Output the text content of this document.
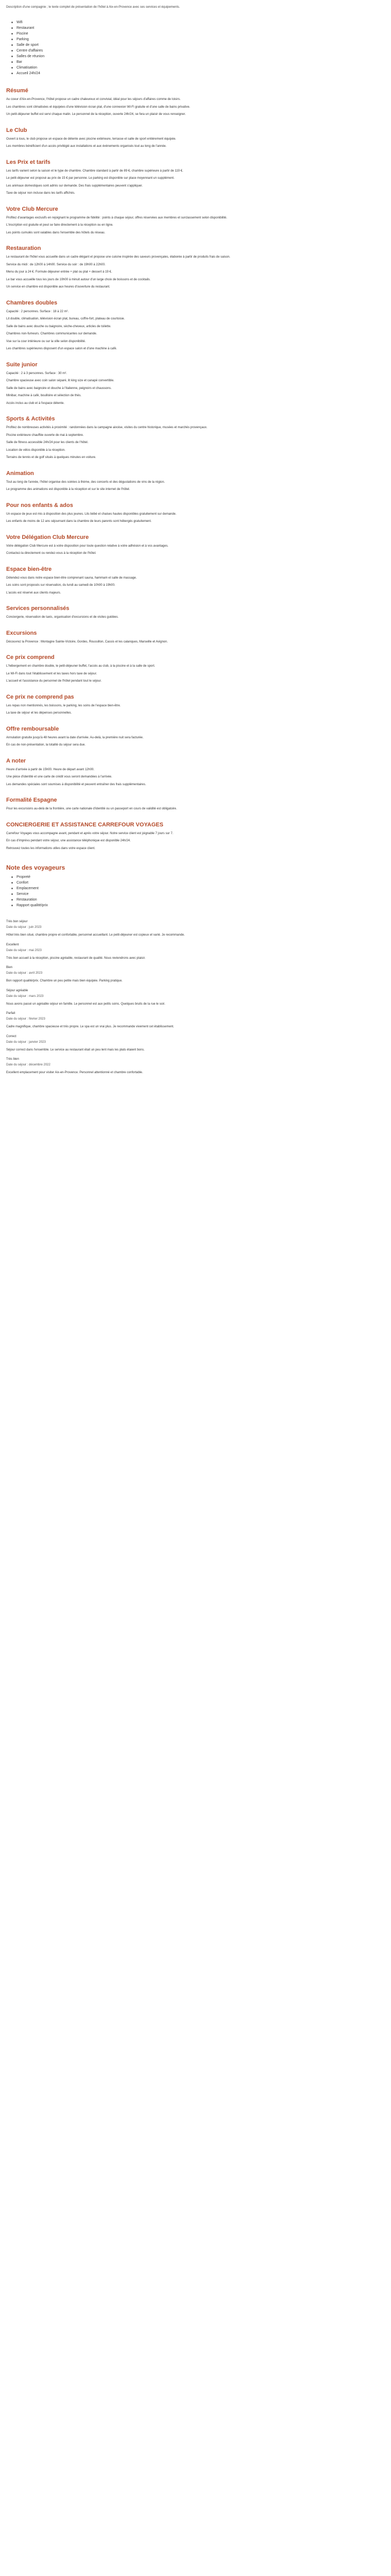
Description d'une compagnie ; le texte complet de présentation de l'hôtel à Aix-en-Provence avec ses services et équipements.

Wifi
Restaurant
Piscine
Parking
Salle de sport
Centre d'affaires
Salles de réunion
Bar
Climatisation
Accueil 24h/24
Résumé

Au coeur d'Aix-en-Provence, l'hôtel propose un cadre chaleureux et convivial, idéal pour les séjours d'affaires comme de loisirs.

Les chambres sont climatisées et équipées d'une télévision écran plat, d'une connexion Wi-Fi gratuite et d'une salle de bains privative.

Un petit-déjeuner buffet est servi chaque matin. Le personnel de la réception, ouverte 24h/24, se fera un plaisir de vous renseigner.

Le Club

Ouvert à tous, le club propose un espace de détente avec piscine extérieure, terrasse et salle de sport entièrement équipée.

Les membres bénéficient d'un accès privilégié aux installations et aux événements organisés tout au long de l'année.

Les Prix et tarifs

Les tarifs varient selon la saison et le type de chambre. Chambre standard à partir de 89 €, chambre supérieure à partir de 119 €.

Le petit-déjeuner est proposé au prix de 15 € par personne. Le parking est disponible sur place moyennant un supplément.

Les animaux domestiques sont admis sur demande. Des frais supplémentaires peuvent s'appliquer.

Taxe de séjour non incluse dans les tarifs affichés.

Votre Club Mercure

Profitez d'avantages exclusifs en rejoignant le programme de fidélité : points à chaque séjour, offres réservées aux membres et surclassement selon disponibilité.

L'inscription est gratuite et peut se faire directement à la réception ou en ligne.

Les points cumulés sont valables dans l'ensemble des hôtels du réseau.

Restauration

Le restaurant de l'hôtel vous accueille dans un cadre élégant et propose une cuisine inspirée des saveurs provençales, élaborée à partir de produits frais de saison.

Service du midi : de 12h00 à 14h00. Service du soir : de 19h00 à 22h00.

Menu du jour à 24 €. Formule déjeuner entrée + plat ou plat + dessert à 19 €.

Le bar vous accueille tous les jours de 10h00 à minuit autour d'un large choix de boissons et de cocktails.

Un service en chambre est disponible aux heures d'ouverture du restaurant.

Chambres doubles

Capacité : 2 personnes. Surface : 18 à 22 m².

Lit double, climatisation, télévision écran plat, bureau, coffre-fort, plateau de courtoisie.

Salle de bains avec douche ou baignoire, sèche-cheveux, articles de toilette.

Chambres non-fumeurs. Chambres communicantes sur demande.

Vue sur la cour intérieure ou sur la ville selon disponibilité.

Les chambres supérieures disposent d'un espace salon et d'une machine à café.

Suite junior

Capacité : 2 à 3 personnes. Surface : 30 m².

Chambre spacieuse avec coin salon séparé, lit king size et canapé convertible.

Salle de bains avec baignoire et douche à l'italienne, peignoirs et chaussons.

Minibar, machine à café, bouilloire et sélection de thés.

Accès inclus au club et à l'espace détente.

Sports & Activités

Profitez de nombreuses activités à proximité : randonnées dans la campagne aixoise, visites du centre historique, musées et marchés provençaux.

Piscine extérieure chauffée ouverte de mai à septembre.

Salle de fitness accessible 24h/24 pour les clients de l'hôtel.

Location de vélos disponible à la réception.

Terrains de tennis et de golf situés à quelques minutes en voiture.

Animation

Tout au long de l'année, l'hôtel organise des soirées à thème, des concerts et des dégustations de vins de la région.

Le programme des animations est disponible à la réception et sur le site internet de l'hôtel.

Pour nos enfants & ados

Un espace de jeux est mis à disposition des plus jeunes. Lits bébé et chaises hautes disponibles gratuitement sur demande.

Les enfants de moins de 12 ans séjournant dans la chambre de leurs parents sont hébergés gratuitement.

Votre Délégation Club Mercure

Votre délégation Club Mercure est à votre disposition pour toute question relative à votre adhésion et à vos avantages.

Contactez-la directement ou rendez-vous à la réception de l'hôtel.

Espace bien-être

Détendez-vous dans notre espace bien-être comprenant sauna, hammam et salle de massage.

Les soins sont proposés sur réservation, du lundi au samedi de 10h00 à 19h00.

L'accès est réservé aux clients majeurs.

Services personnalisés

Conciergerie, réservation de taxis, organisation d'excursions et de visites guidées.

Excursions

Découvrez la Provence : Montagne Sainte-Victoire, Gordes, Roussillon, Cassis et les calanques, Marseille et Avignon.

Ce prix comprend

L'hébergement en chambre double, le petit-déjeuner buffet, l'accès au club, à la piscine et à la salle de sport.

Le Wi-Fi dans tout l'établissement et les taxes hors taxe de séjour.

L'accueil et l'assistance du personnel de l'hôtel pendant tout le séjour.

Ce prix ne comprend pas

Les repas non mentionnés, les boissons, le parking, les soins de l'espace bien-être.

La taxe de séjour et les dépenses personnelles.

Offre remboursable

Annulation gratuite jusqu'à 48 heures avant la date d'arrivée. Au-delà, la première nuit sera facturée.

En cas de non-présentation, la totalité du séjour sera due.

A noter

Heure d'arrivée à partir de 15h00. Heure de départ avant 12h00.

Une pièce d'identité et une carte de crédit vous seront demandées à l'arrivée.

Les demandes spéciales sont soumises à disponibilité et peuvent entraîner des frais supplémentaires.

Formalité Espagne

Pour les excursions au-delà de la frontière, une carte nationale d'identité ou un passeport en cours de validité est obligatoire.

CONCIERGERIE ET ASSISTANCE CARREFOUR VOYAGES

Carrefour Voyages vous accompagne avant, pendant et après votre séjour. Notre service client est joignable 7 jours sur 7.

En cas d'imprévu pendant votre séjour, une assistance téléphonique est disponible 24h/24.

Retrouvez toutes les informations utiles dans votre espace client.

Note des voyageurs
Propreté
Confort
Emplacement
Service
Restauration
Rapport qualité/prix
Très bon séjour
Date du séjour : juin 2023

Hôtel très bien situé, chambre propre et confortable, personnel accueillant. Le petit-déjeuner est copieux et varié. Je recommande.

Excellent
Date du séjour : mai 2023

Très bon accueil à la réception, piscine agréable, restaurant de qualité. Nous reviendrons avec plaisir.

Bien
Date du séjour : avril 2023

Bon rapport qualité/prix. Chambre un peu petite mais bien équipée. Parking pratique.

Séjour agréable
Date du séjour : mars 2023

Nous avons passé un agréable séjour en famille. Le personnel est aux petits soins. Quelques bruits de la rue le soir.

Parfait
Date du séjour : février 2023

Cadre magnifique, chambre spacieuse et très propre. Le spa est un vrai plus. Je recommande vivement cet établissement.

Correct
Date du séjour : janvier 2023

Séjour correct dans l'ensemble. Le service au restaurant était un peu lent mais les plats étaient bons.

Très bien
Date du séjour : décembre 2022

Excellent emplacement pour visiter Aix-en-Provence. Personnel attentionné et chambre confortable.
